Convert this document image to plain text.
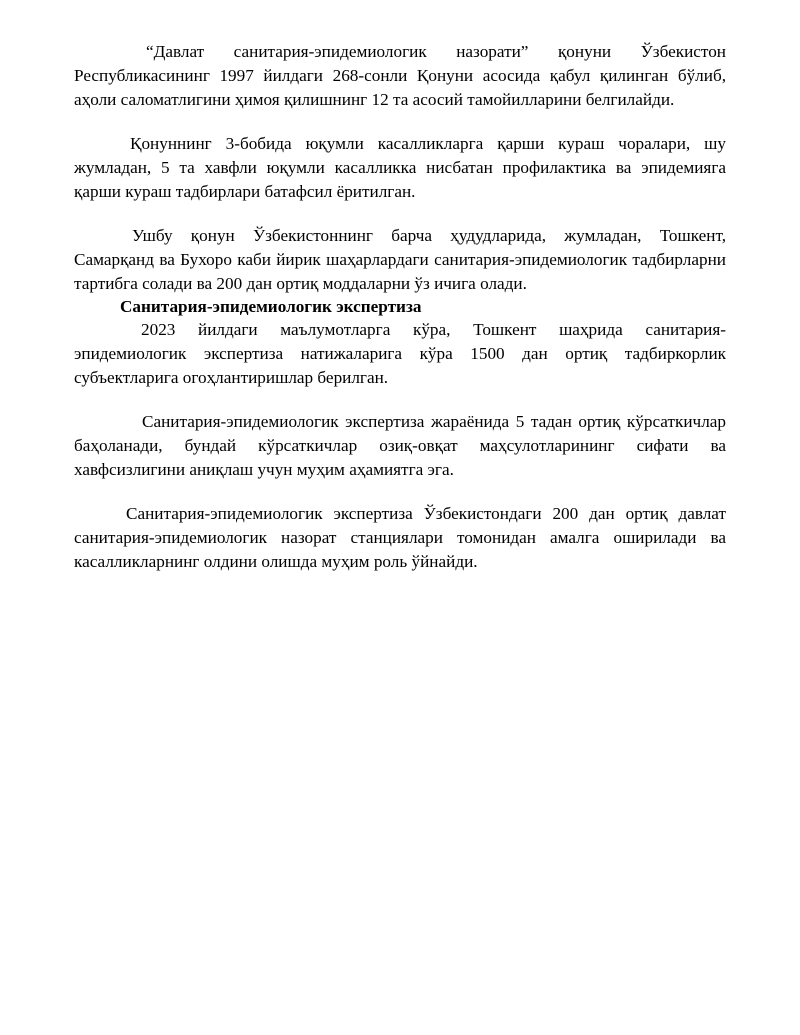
“Давлат санитария-эпидемиологик назорати” қонуни Ўзбекистон Республикасининг 1997 йилдаги 268-сонли Қонуни асосида қабул қилинган бўлиб, аҳоли саломатлигини ҳимоя қилишнинг 12 та асосий тамойилларини белгилайди.

Қонуннинг 3-бобида юқумли касалликларга қарши кураш чоралари, шу жумладан, 5 та хавфли юқумли касалликка нисбатан профилактика ва эпидемияга қарши кураш тадбирлари батафсил ёритилган.

Ушбу қонун Ўзбекистоннинг барча ҳудудларида, жумладан, Тошкент, Самарқанд ва Бухоро каби йирик шаҳарлардаги санитария-эпидемиологик тадбирларни тартибга солади ва 200 дан ортиқ моддаларни ўз ичига олади.

Санитария-эпидемиологик экспертиза

2023 йилдаги маълумотларга кўра, Тошкент шаҳрида санитария-эпидемиологик экспертиза натижаларига кўра 1500 дан ортиқ тадбиркорлик субъектларига огоҳлантиришлар берилган.

Санитария-эпидемиологик экспертиза жараёнида 5 тадан ортиқ кўрсаткичлар баҳоланади, бундай кўрсаткичлар озиқ-овқат маҳсулотларининг сифати ва хавфсизлигини аниқлаш учун муҳим аҳамиятга эга.

Санитария-эпидемиологик экспертиза Ўзбекистондаги 200 дан ортиқ давлат санитария-эпидемиологик назорат станциялари томонидан амалга оширилади ва касалликларнинг олдини олишда муҳим роль ўйнайди.
